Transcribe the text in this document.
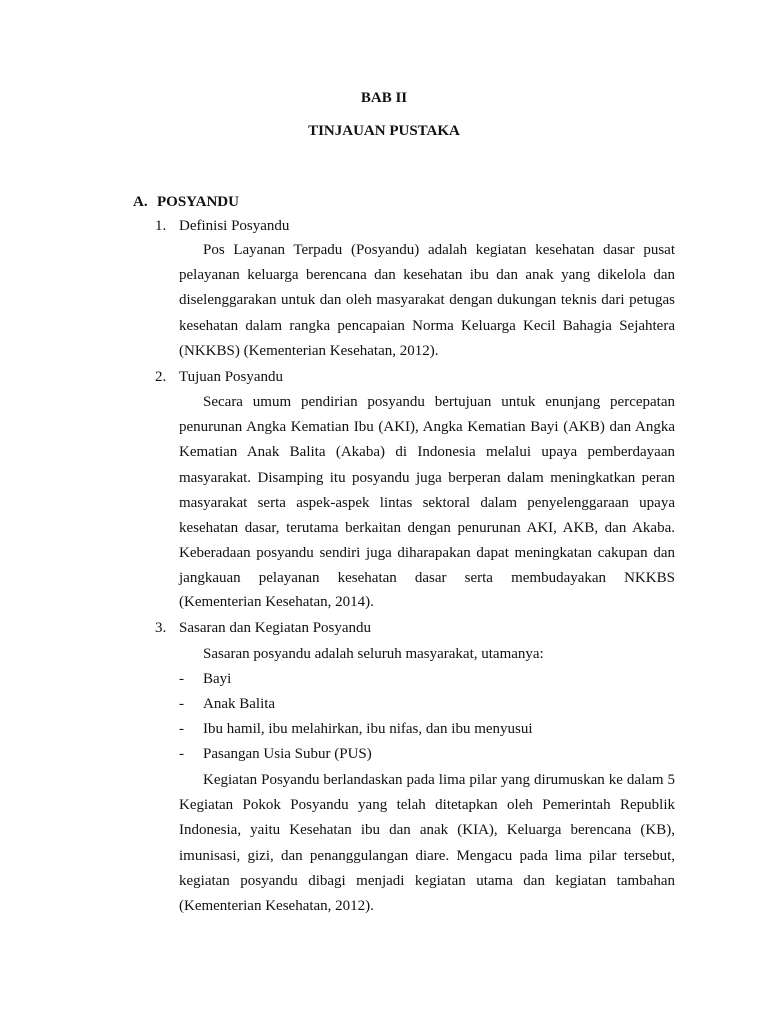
BAB II
TINJAUAN PUSTAKA
A. POSYANDU
1. Definisi Posyandu
Pos Layanan Terpadu (Posyandu) adalah kegiatan kesehatan dasar pusat pelayanan keluarga berencana dan kesehatan ibu dan anak yang dikelola dan diselenggarakan untuk dan oleh masyarakat dengan dukungan teknis dari petugas kesehatan dalam rangka pencapaian Norma Keluarga Kecil Bahagia Sejahtera (NKKBS) (Kementerian Kesehatan, 2012).
2. Tujuan Posyandu
Secara umum pendirian posyandu bertujuan untuk enunjang percepatan penurunan Angka Kematian Ibu (AKI), Angka Kematian Bayi (AKB) dan Angka Kematian Anak Balita (Akaba) di Indonesia melalui upaya pemberdayaan masyarakat. Disamping itu posyandu juga berperan dalam meningkatkan peran masyarakat serta aspek-aspek lintas sektoral dalam penyelenggaraan upaya kesehatan dasar, terutama berkaitan dengan penurunan AKI, AKB, dan Akaba. Keberadaan posyandu sendiri juga diharapakan dapat meningkatan cakupan dan jangkauan pelayanan kesehatan dasar serta membudayakan NKKBS
(Kementerian Kesehatan, 2014).
3. Sasaran dan Kegiatan Posyandu
Sasaran posyandu adalah seluruh masyarakat, utamanya:
- Bayi
- Anak Balita
- Ibu hamil, ibu melahirkan, ibu nifas, dan ibu menyusui
- Pasangan Usia Subur (PUS)
Kegiatan Posyandu berlandaskan pada lima pilar yang dirumuskan ke dalam 5 Kegiatan Pokok Posyandu yang telah ditetapkan oleh Pemerintah Republik Indonesia, yaitu Kesehatan ibu dan anak (KIA), Keluarga berencana (KB), imunisasi, gizi, dan penanggulangan diare. Mengacu pada lima pilar tersebut, kegiatan posyandu dibagi menjadi kegiatan utama dan kegiatan tambahan (Kementerian Kesehatan, 2012).
